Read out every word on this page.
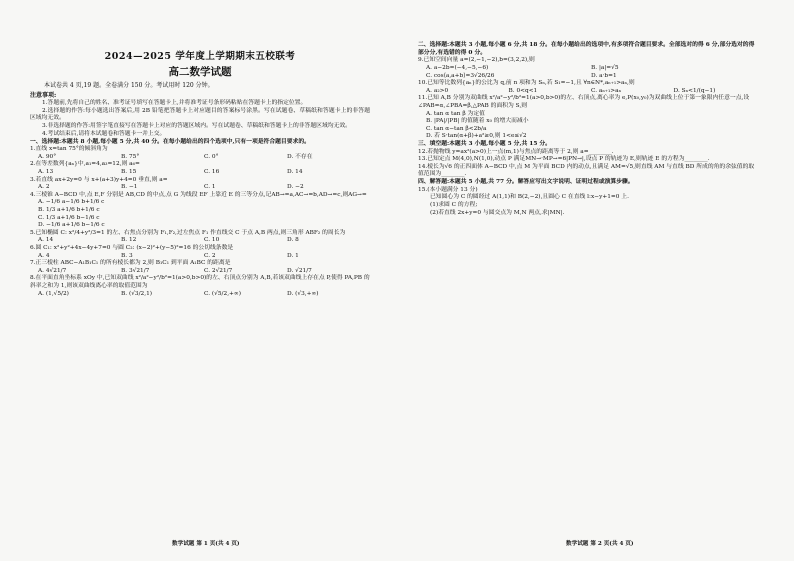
2024—2025 学年度上学期期末五校联考
高二数学试题
本试卷共 4 页,19 题。全卷满分 150 分。考试用时 120 分钟。
注意事项:

1.答题前,先将自己的姓名、准考证号填写在答题卡上,并将准考证号条形码粘贴在答题卡上的指定位置。

2.选择题的作答:每小题选出答案后,用 2B 铅笔把答题卡上对应题目的答案标号涂黑。写在试题卷、草稿纸和答题卡上的非答题区域均无效。

3.非选择题的作答:用签字笔直接写在答题卡上对应的答题区域内。写在试题卷、草稿纸和答题卡上的非答题区域均无效。

4.考试结束后,请将本试题卷和答题卡一并上交。

一、选择题:本题共 8 小题,每小题 5 分,共 40 分。在每小题给出的四个选项中,只有一项是符合题目要求的。

1.直线 x=tan 75°的倾斜角为

A. 90°	B. 75°	C. 0°	D. 不存在

2.在等差数列{aₙ}中,a₁=4,a₃=12,则 a₆=

A. 13	B. 15	C. 16	D. 14

3.若直线 ax+2y=0 与 x+(a+3)y+4=0 垂直,则 a=

A. 2	B. −1	C. 1	D. −2

4.三棱锥 A−BCD 中,点 E,F 分别是 AB,CD 的中点,点 G 为线段 EF 上靠近 E 的三等分点,记AB→=a,AC→=b,AD→=c,则AG→=

A. −1/6 a−1/6 b+1/6 c
B. 1/3 a+1/6 b+1/6 c
C. 1/3 a+1/6 b−1/6 c
D. −1/6 a+1/6 b−1/6 c

5.已知椭圆 C: x²/4+y²/3=1 的左、右焦点分别为 F₁,F₂,过左焦点 F₁ 作直线交 C 于点 A,B 两点,则三角形 ABF₂ 的周长为

A. 14	B. 12	C. 10	D. 8

6.圆 C₁: x²+y²+4x−4y+7=0 与圆 C₂: (x−2)²+(y−5)²=16 的公切线条数是

A. 4	B. 3	C. 2	D. 1

7.正三棱柱 ABC−A₁B₁C₁ 的所有棱长都为 2,则 B₁C₁ 到平面 A₁BC 的距离是

A. 4√21/7	B. 3√21/7	C. 2√21/7	D. √21/7

8.在平面直角坐标系 xOy 中,已知双曲线 x²/a²−y²/b²=1(a>0,b>0)的左、右顶点分别为 A,B,若该双曲线上存在点 P,使得 PA,PB 的斜率之和为 1,则该双曲线离心率的取值范围为

A. (1,√5/2)	B. (√3/2,1)	C. (√5/2,+∞)	D. (√3,+∞)

二、选择题:本题共 3 小题,每小题 6 分,共 18 分。在每小题给出的选项中,有多项符合题目要求。全部选对的得 6 分,部分选对的得部分分,有选错的得 0 分。

9.已知空间向量 a=(2,−1,−2),b=(3,2,2),则

A. a−2b=(−4,−5,−6)	B. |a|=√5
C. cos⟨a,a+b⟩=3√26/26	D. a·b=1

10.已知等比数列{aₙ}的公比为 q,前 n 项和为 Sₙ,若 S₁=−1,且 ∀n∈N*,aₙ₊₁>aₙ,则

A. a₂>0	B. 0<q<1	C. aₙ₊₁>aₙ	D. Sₙ<1/(q−1)

11.已知 A,B 分别为双曲线 x²/a²−y²/b²=1(a>0,b>0)的左、右顶点,离心率为 e,P(x₀,y₀)为双曲线上位于第一象限内任意一点,设∠PAB=α,∠PBA=β,△PAB 的面积为 S,则

A. tan α tan β 为定值
B. |PA|/|PB| 的值随着 x₀ 的增大而减小
C. tan α−tan β<2b/a
D. 若 S·tan(α+β)+a²≥0,则 1<e≤√2

三、填空题:本题共 3 小题,每小题 5 分,共 15 分。

12.若抛物线 y=ax²(a>0)上一点(m,1)与焦点的距离等于 2,则 a=________.

13.已知定点 M(4,0),N(1,0),动点 P 满足MN→·MP→=6|PN→|,设点 P 的轨迹为 E,则轨迹 E 的方程为________.

14.棱长为√6 的正四面体 A−BCD 中,点 M 为平面 BCD 内的动点,且满足 AM=√5,则直线 AM 与直线 BD 所成的角的余弦值的取值范围为________.

四、解答题:本题共 5 小题,共 77 分。解答应写出文字说明、证明过程或演算步骤。

15.(本小题满分 13 分)

已知圆心为 C 的圆经过 A(1,1)和 B(2,−2),且圆心 C 在直线 l:x−y+1=0 上.

(1)求圆 C 的方程;

(2)若直线 2x+y=0 与圆交点为 M,N 两点,求|MN|.

数学试题 第 1 页(共 4 页)	数学试题 第 2 页(共 4 页)
